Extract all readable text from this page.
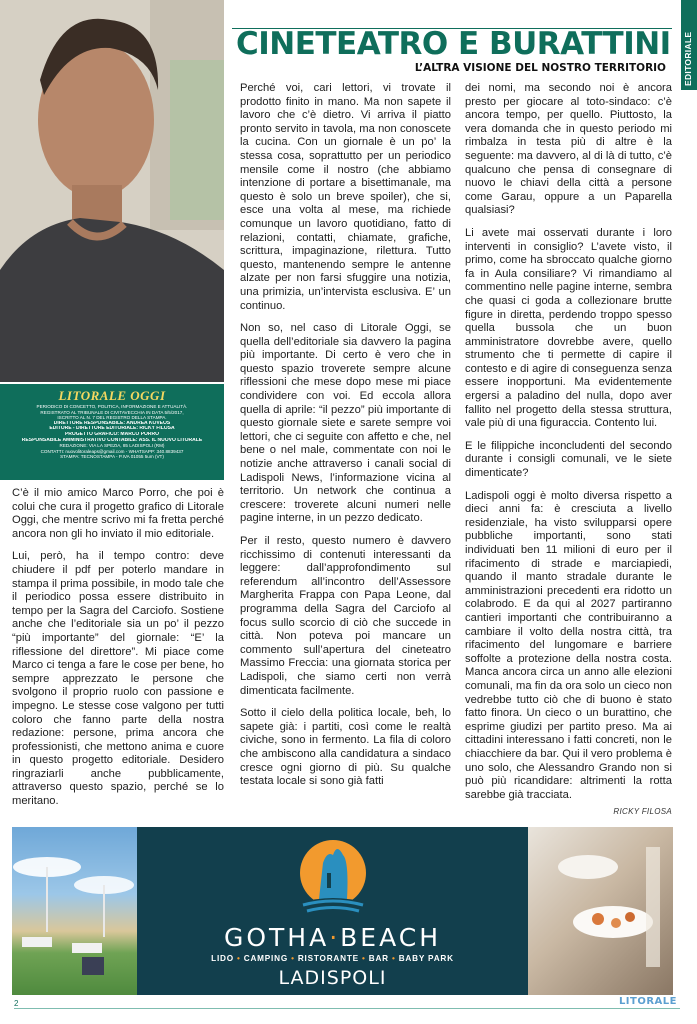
LITORALE OGGI
PERIODICO DI CONCETTO, POLITICA, INFORMAZIONE E ATTUALITÀ.
REGISTRATO AL TRIBUNALE DI CIVITAVECCHIA IN DATA 5/5/2017,
ISCRITTO AL N. 7 DEL REGISTRO DELLA STAMPA.
DIRETTORE RESPONSABILE: ANDREA KOVEOS
EDITORE - DIRETTORE EDITORIALE: RICKY FILOSA
PROGETTO GRAFICO: MARCO PORRO
RESPONSABILE AMMINISTRATIVO CONTABILE: ASS. IL NUOVO LITORALE
REDAZIONE: VIA LA SPEZIA, 85 LADISPOLI (RM)
CONTATTI: nuovolitoraleaps@gmail.com - WHATSAPP: 340.8839437
STAMPA: TECNOSTAMPA - P.IVA 01055 5um (VT)
CINETEATRO E BURATTINI
L’ALTRA VISIONE DEL NOSTRO TERRITORIO EDITORIALE

C’è il mio amico Marco Porro, che poi è colui che cura il progetto grafico di Litorale Oggi, che mentre scrivo mi fa fretta perché ancora non gli ho inviato il mio editoriale.

Lui, però, ha il tempo contro: deve chiudere il pdf per poterlo mandare in stampa il prima possibile, in modo tale che il periodico possa essere distribuito in tempo per la Sagra del Carciofo. Sostiene anche che l’editoriale sia un po’ il pezzo “più importante” del giornale: “E’ la riflessione del direttore”. Mi piace come Marco ci tenga a fare le cose per bene, ho sempre apprezzato le persone che svolgono il proprio ruolo con passione e impegno. Le stesse cose valgono per tutti coloro che fanno parte della nostra redazione: persone, prima ancora che professionisti, che mettono anima e cuore in questo progetto editoriale. Desidero ringraziarli anche pubblicamente, attraverso questo spazio, perché se lo meritano.

Perché voi, cari lettori, vi trovate il prodotto finito in mano. Ma non sapete il lavoro che c’è dietro. Vi arriva il piatto pronto servito in tavola, ma non conoscete la cucina. Con un giornale è un po’ la stessa cosa, soprattutto per un periodico mensile come il nostro (che abbiamo intenzione di portare a bisettimanale, ma questo è solo un breve spoiler), che si, esce una volta al mese, ma richiede comunque un lavoro quotidiano, fatto di relazioni, contatti, chiamate, grafiche, scrittura, impaginazione, rilettura. Tutto questo, mantenendo sempre le antenne alzate per non farsi sfuggire una notizia, una primizia, un’intervista esclusiva. E’ un continuo.

Non so, nel caso di Litorale Oggi, se quella dell’editoriale sia davvero la pagina più importante. Di certo è vero che in questo spazio troverete sempre alcune riflessioni che mese dopo mese mi piace condividere con voi. Ed eccola allora quella di aprile: “il pezzo” più importante di questo giornale siete e sarete sempre voi lettori, che ci seguite con affetto e che, nel bene o nel male, commentate con noi le notizie anche attraverso i canali social di Ladispoli News, l’informazione vicina al territorio. Un network che continua a crescere: troverete alcuni numeri nelle pagine interne, in un pezzo dedicato.

Per il resto, questo numero è davvero ricchissimo di contenuti interessanti da leggere: dall’approfondimento sul referendum all’incontro dell’Assessore Margherita Frappa con Papa Leone, dal programma della Sagra del Carciofo al focus sullo scorcio di ciò che succede in città. Non poteva poi mancare un commento sull’apertura del cineteatro Massimo Freccia: una giornata storica per Ladispoli, che siamo certi non verrà dimenticata facilmente.

Sotto il cielo della politica locale, beh, lo sapete già: i partiti, così come le realtà civiche, sono in fermento. La fila di coloro che ambiscono alla candidatura a sindaco cresce ogni giorno di più. Su qualche testata locale si sono già fatti

dei nomi, ma secondo noi è ancora presto per giocare al toto-sindaco: c’è ancora tempo, per quello. Piuttosto, la vera domanda che in questo periodo mi rimbalza in testa più di altre è la seguente: ma davvero, al di là di tutto, c’è qualcuno che pensa di consegnare di nuovo le chiavi della città a persone come Garau, oppure a un Paparella qualsiasi?

Li avete mai osservati durante i loro interventi in consiglio? L’avete visto, il primo, come ha sbroccato qualche giorno fa in Aula consiliare? Vi rimandiamo al commentino nelle pagine interne, sembra che quasi ci goda a collezionare brutte figure in diretta, perdendo troppo spesso quella bussola che un buon amministratore dovrebbe avere, quello strumento che ti permette di capire il contesto e di agire di conseguenza senza essere inopportuni. Ma evidentemente ergersi a paladino del nulla, dopo aver fallito nel progetto della stessa struttura, vale più di una figuraccia. Contento lui.

E le filippiche inconcludenti del secondo durante i consigli comunali, ve le siete dimenticate?

Ladispoli oggi è molto diversa rispetto a dieci anni fa: è cresciuta a livello residenziale, ha visto svilupparsi opere pubbliche importanti, sono stati individuati ben 11 milioni di euro per il rifacimento di strade e marciapiedi, quando il manto stradale durante le amministrazioni precedenti era ridotto un colabrodo. E da qui al 2027 partiranno cantieri importanti che contribuiranno a cambiare il volto della nostra città, tra rifacimento del lungomare e barriere soffolte a protezione della nostra costa. Manca ancora circa un anno alle elezioni comunali, ma fin da ora solo un cieco non vedrebbe tutto ciò che di buono è stato fatto finora. Un cieco o un burattino, che esprime giudizi per partito preso. Ma ai cittadini interessano i fatti concreti, non le chiacchiere da bar. Qui il vero problema è uno solo, che Alessandro Grando non si può più ricandidare: altrimenti la rotta sarebbe già tracciata.

RICKY FILOSA
GOTHA·BEACH
LIDO • CAMPING • RISTORANTE • BAR • BABY PARK
LADISPOLI
2	LITORALE
